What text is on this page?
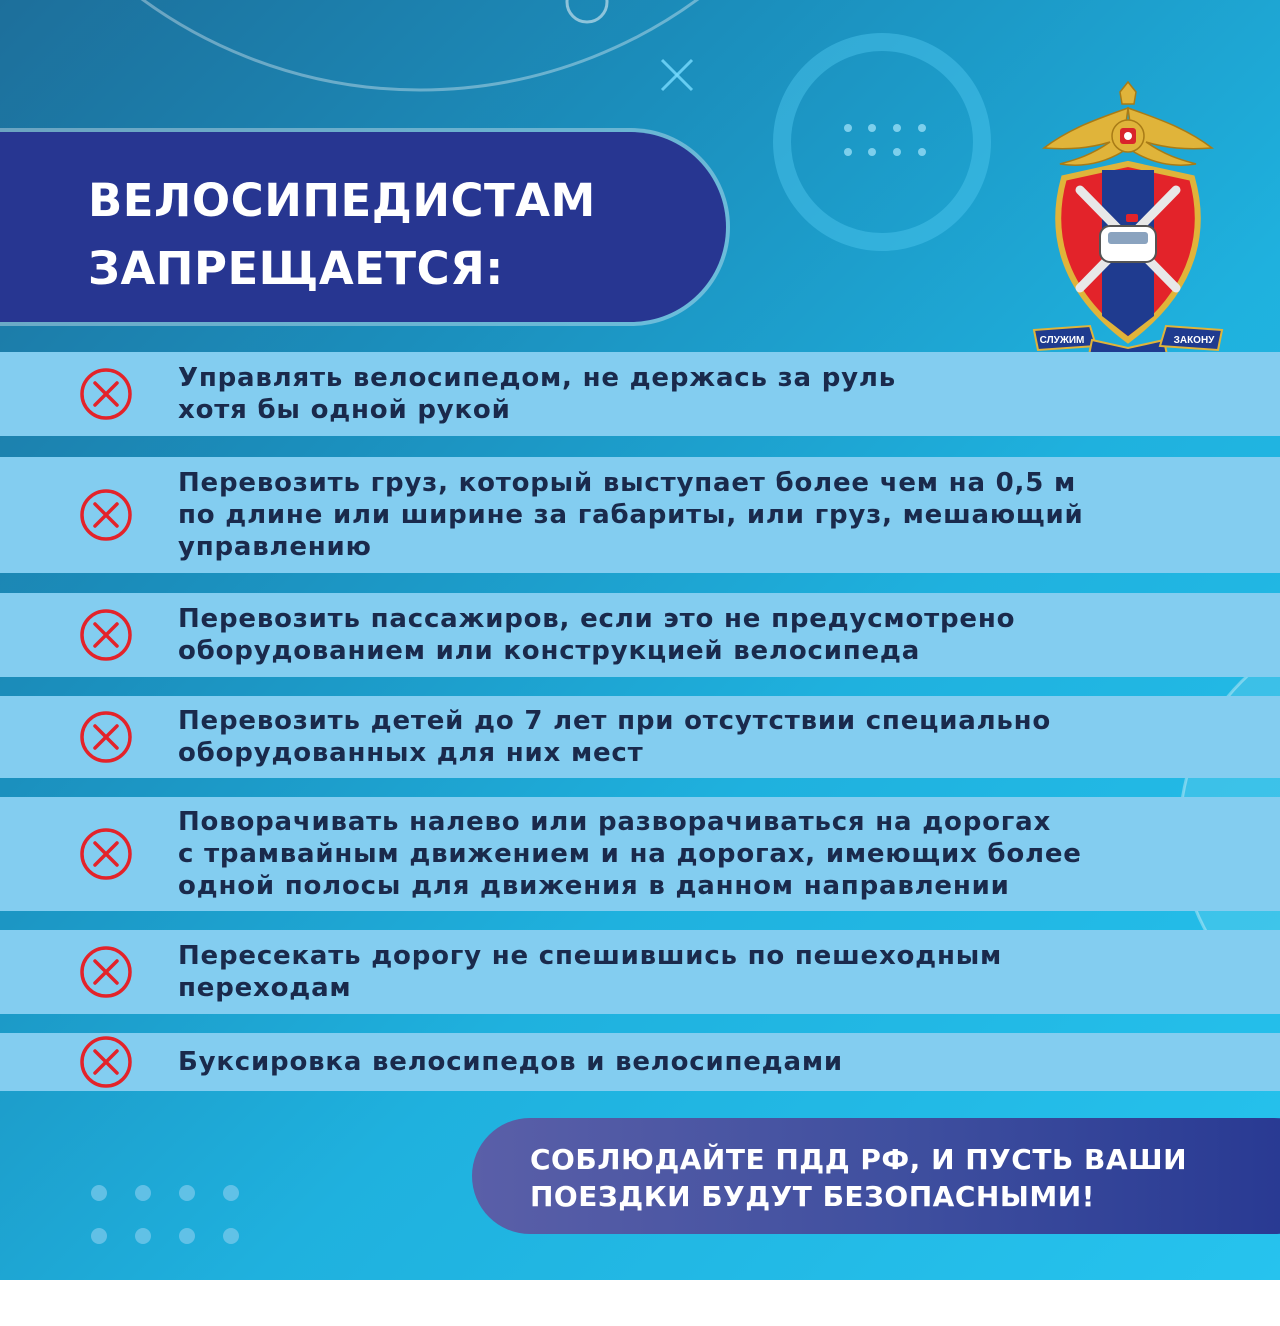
ВЕЛОСИПЕДИСТАМ
ЗАПРЕЩАЕТСЯ:
СЛУЖИМ	ЗАКОНУ
Управлять велосипедом, не держась за руль
хотя бы одной рукой
Перевозить груз, который выступает более чем на 0,5 м
по длине или ширине за габариты, или груз, мешающий
управлению
Перевозить пассажиров, если это не предусмотрено
оборудованием или конструкцией велосипеда
Перевозить детей до 7 лет при отсутствии специально
оборудованных для них мест
Поворачивать налево или разворачиваться на дорогах
с трамвайным движением и на дорогах, имеющих более
одной полосы для движения в данном направлении
Пересекать дорогу не спешившись по пешеходным
переходам
Буксировка велосипедов и велосипедами
СОБЛЮДАЙТЕ ПДД РФ, И ПУСТЬ ВАШИ
ПОЕЗДКИ БУДУТ БЕЗОПАСНЫМИ!
